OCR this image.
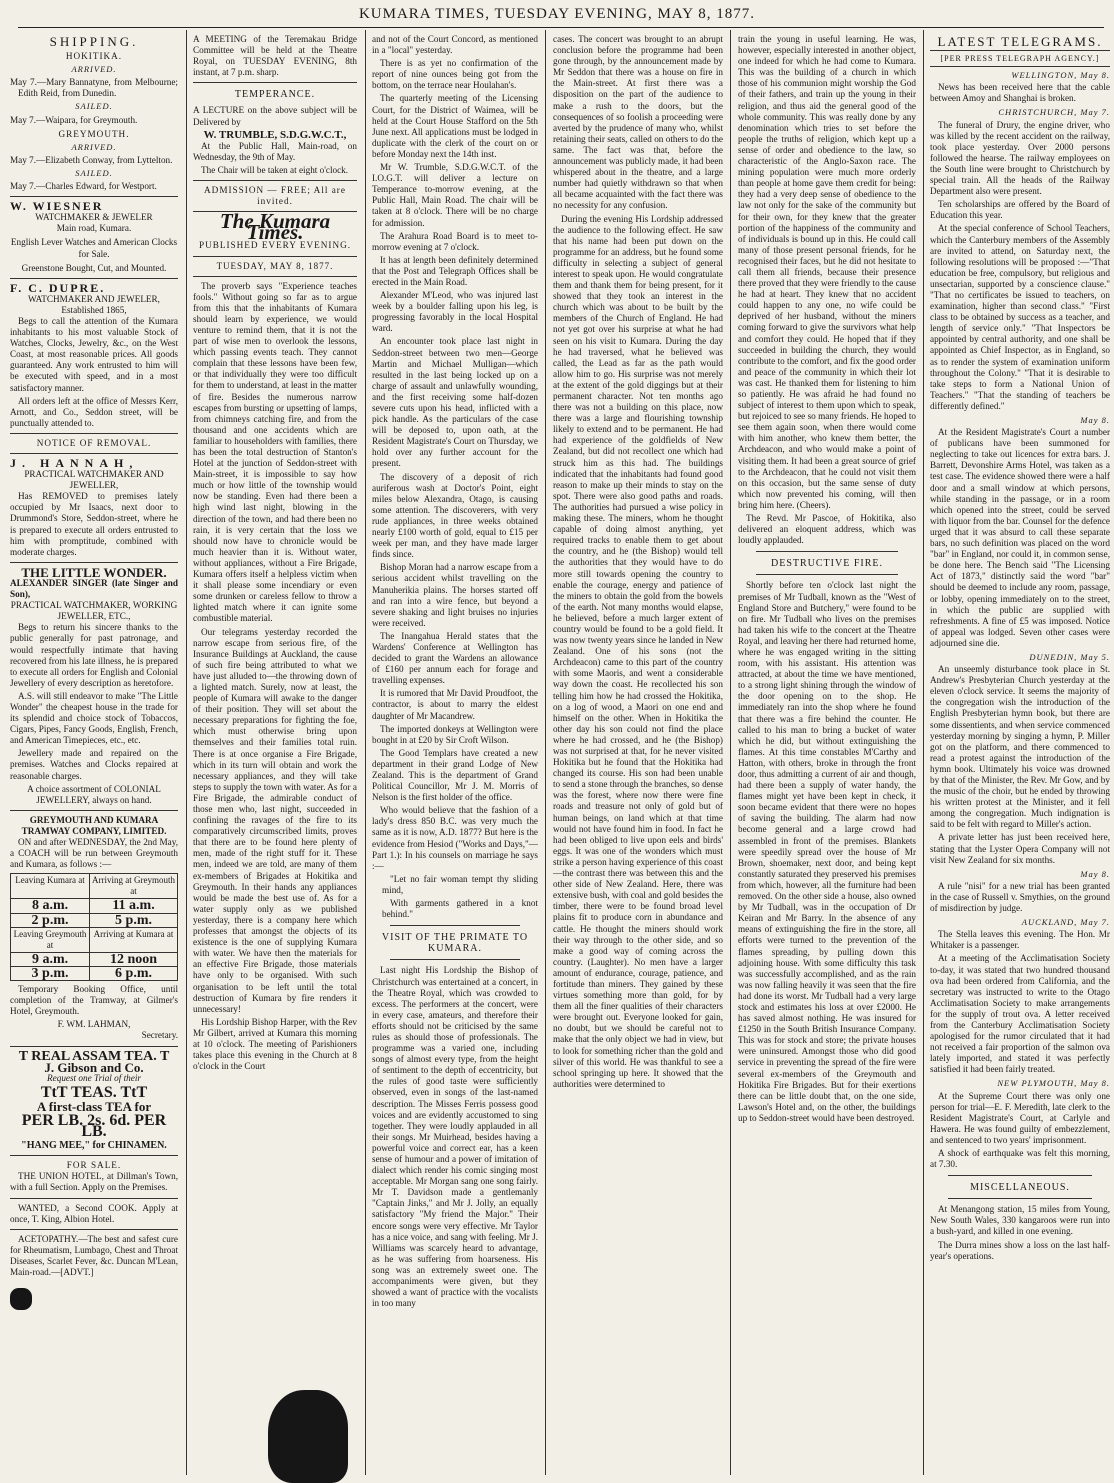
KUMARA TIMES, TUESDAY EVENING, MAY 8, 1877.
SHIPPING.
HOKITIKA.
ARRIVED.

May 7.—Mary Bannatyne, from Melbourne; Edith Reid, from Dunedin.

SAILED.

May 7.—Waipara, for Greymouth.

GREYMOUTH.
ARRIVED.

May 7.—Elizabeth Conway, from Lyttelton.

SAILED.

May 7.—Charles Edward, for Westport.

W. WIESNER
WATCHMAKER & JEWELER
Main road, Kumara.

English Lever Watches and American Clocks for Sale.

Greenstone Bought, Cut, and Mounted.

F. C. DUPRE.
WATCHMAKER AND JEWELER,
Established 1865,

Begs to call the attention of the Kumara inhabitants to his most valuable Stock of Watches, Clocks, Jewelry, &c., on the West Coast, at most reasonable prices. All goods guaranteed. Any work entrusted to him will be executed with speed, and in a most satisfactory manner.

All orders left at the office of Messrs Kerr, Arnott, and Co., Seddon street, will be punctually attended to.

NOTICE OF REMOVAL.
J. HANNAH,
PRACTICAL WATCHMAKER AND JEWELLER,

Has REMOVED to premises lately occupied by Mr Isaacs, next door to Drummond's Store, Seddon-street, where he is prepared to execute all orders entrusted to him with promptitude, combined with moderate charges.

THE LITTLE WONDER.
ALEXANDER SINGER (late Singer and Son),
PRACTICAL WATCHMAKER, WORKING JEWELLER, ETC.,

Begs to return his sincere thanks to the public generally for past patronage, and would respectfully intimate that having recovered from his late illness, he is prepared to execute all orders for English and Colonial Jewellery of every description as heretofore.

A.S. will still endeavor to make "The Little Wonder" the cheapest house in the trade for its splendid and choice stock of Tobaccos, Cigars, Pipes, Fancy Goods, English, French, and American Timepieces, etc., etc.

Jewellery made and repaired on the premises. Watches and Clocks repaired at reasonable charges.

A choice assortment of COLONIAL JEWELLERY, always on hand.

GREYMOUTH AND KUMARA TRAMWAY COMPANY, LIMITED.

ON and after WEDNESDAY, the 2nd May, a COACH will be run between Greymouth and Kumara, as follows :—

Leaving Kumara at	Arriving at Greymouth at
8 a.m.	11 a.m.
2 p.m.	5 p.m.
Leaving Greymouth at	Arriving at Kumara at
9 a.m.	12 noon
3 p.m.	6 p.m.

Temporary Booking Office, until completion of the Tramway, at Gilmer's Hotel, Greymouth.

F. WM. LAHMAN,
Secretary.
T REAL ASSAM TEA. T
J. Gibson and Co.
Request one Trial of their
TtT TEAS. TtT
A first-class TEA for
PER LB. 2s. 6d. PER LB.
"HANG MEE," for CHINAMEN.
FOR SALE.

THE UNION HOTEL, at Dillman's Town, with a full Section. Apply on the Premises.

WANTED, a Second COOK. Apply at once, T. King, Albion Hotel.

ACETOPATHY.—The best and safest cure for Rheumatism, Lumbago, Chest and Throat Diseases, Scarlet Fever, &c. Duncan M'Lean, Main-road.—[ADVT.]

A MEETING of the Teremakau Bridge Committee will be held at the Theatre Royal, on TUESDAY EVENING, 8th instant, at 7 p.m. sharp.

TEMPERANCE.

A LECTURE on the above subject will be Delivered by

W. TRUMBLE, S.D.G.W.C.T.,

At the Public Hall, Main-road, on Wednesday, the 9th of May.

The Chair will be taken at eight o'clock.

ADMISSION — FREE; All are invited.
The Kumara Times.
PUBLISHED EVERY EVENING.
TUESDAY, MAY 8, 1877.

The proverb says "Experience teaches fools." Without going so far as to argue from this that the inhabitants of Kumara should learn by experience, we would venture to remind them, that it is not the part of wise men to overlook the lessons, which passing events teach. They cannot complain that these lessons have been few, or that individually they were too difficult for them to understand, at least in the matter of fire. Besides the numerous narrow escapes from bursting or upsetting of lamps, from chimneys catching fire, and from the thousand and one accidents which are familiar to householders with families, there has been the total destruction of Stanton's Hotel at the junction of Seddon-street with Main-street, it is impossible to say how much or how little of the township would now be standing. Even had there been a high wind last night, blowing in the direction of the town, and had there been no rain, it is very certain that the loss we should now have to chronicle would be much heavier than it is. Without water, without appliances, without a Fire Brigade, Kumara offers itself a helpless victim when it shall please some incendiary or even some drunken or careless fellow to throw a lighted match where it can ignite some combustible material.

Our telegrams yesterday recorded the narrow escape from serious fire, of the Insurance Buildings at Auckland, the cause of such fire being attributed to what we have just alluded to—the throwing down of a lighted match. Surely, now at least, the people of Kumara will awake to the danger of their position. They will set about the necessary preparations for fighting the foe, which must otherwise bring upon themselves and their families total ruin. There is at once organise a Fire Brigade, which in its turn will obtain and work the necessary appliances, and they will take steps to supply the town with water. As for a Fire Brigade, the admirable conduct of those men who, last night, succeeded in confining the ravages of the fire to its comparatively circumscribed limits, proves that there are to be found here plenty of men, made of the right stuff for it. These men, indeed we are told, are many of them ex-members of Brigades at Hokitika and Greymouth. In their hands any appliances would be made the best use of. As for a water supply only as we published yesterday, there is a company here which professes that amongst the objects of its existence is the one of supplying Kumara with water. We have then the materials for an effective Fire Brigade, those materials have only to be organised. With such organisation to be left until the total destruction of Kumara by fire renders it unnecessary!

His Lordship Bishop Harper, with the Rev Mr Gilbert, arrived at Kumara this morning at 10 o'clock. The meeting of Parishioners takes place this evening in the Church at 8 o'clock in the Court

and not of the Court Concord, as mentioned in a "local" yesterday.

There is as yet no confirmation of the report of nine ounces being got from the bottom, on the terrace near Houlahan's.

The quarterly meeting of the Licensing Court, for the District of Waimea, will be held at the Court House Stafford on the 5th June next. All applications must be lodged in duplicate with the clerk of the court on or before Monday next the 14th inst.

Mr W. Trumble, S.D.G.W.C.T. of the I.O.G.T. will deliver a lecture on Temperance to-morrow evening, at the Public Hall, Main Road. The chair will be taken at 8 o'clock. There will be no charge for admission.

The Arahura Road Board is to meet to-morrow evening at 7 o'clock.

It has at length been definitely determined that the Post and Telegraph Offices shall be erected in the Main Road.

Alexander M'Leod, who was injured last week by a boulder falling upon his leg, is progressing favorably in the local Hospital ward.

An encounter took place last night in Seddon-street between two men—George Martin and Michael Mulligan—which resulted in the last being locked up on a charge of assault and unlawfully wounding, and the first receiving some half-dozen severe cuts upon his head, inflicted with a pick handle. As the particulars of the case will be deposed to, upon oath, at the Resident Magistrate's Court on Thursday, we hold over any further account for the present.

The discovery of a deposit of rich auriferous wash at Doctor's Point, eight miles below Alexandra, Otago, is causing some attention. The discoverers, with very rude appliances, in three weeks obtained nearly £100 worth of gold, equal to £15 per week per man, and they have made larger finds since.

Bishop Moran had a narrow escape from a serious accident whilst travelling on the Manuherikia plains. The horses started off and ran into a wire fence, but beyond a severe shaking and light bruises no injuries were received.

The Inangahua Herald states that the Wardens' Conference at Wellington has decided to grant the Wardens an allowance of £160 per annum each for forage and travelling expenses.

It is rumored that Mr David Proudfoot, the contractor, is about to marry the eldest daughter of Mr Macandrew.

The imported donkeys at Wellington were bought in at £20 by Sir Croft Wilson.

The Good Templars have created a new department in their grand Lodge of New Zealand. This is the department of Grand Political Councillor, Mr J. M. Morris of Nelson is the first holder of the office.

Who would believe that the fashion of a lady's dress 850 B.C. was very much the same as it is now, A.D. 1877? But here is the evidence from Hesiod ("Works and Days,"—Part 1.): In his counsels on marriage he says :—

"Let no fair woman tempt thy sliding mind,

With garments gathered in a knot behind."

VISIT OF THE PRIMATE TO KUMARA.

Last night His Lordship the Bishop of Christchurch was entertained at a concert, in the Theatre Royal, which was crowded to excess. The performers at the concert, were in every case, amateurs, and therefore their efforts should not be criticised by the same rules as should those of professionals. The programme was a varied one, including songs of almost every type, from the height of sentiment to the depth of eccentricity, but the rules of good taste were sufficiently observed, even in songs of the last-named description. The Misses Ferris possess good voices and are evidently accustomed to sing together. They were loudly applauded in all their songs. Mr Muirhead, besides having a powerful voice and correct ear, has a keen sense of humour and a power of imitation of dialect which render his comic singing most acceptable. Mr Morgan sang one song fairly. Mr T. Davidson made a gentlemanly "Captain Jinks," and Mr J. Jolly, an equally satisfactory "My friend the Major." Their encore songs were very effective. Mr Taylor has a nice voice, and sang with feeling. Mr J. Williams was scarcely heard to advantage, as he was suffering from hoarseness. His song was an extremely sweet one. The accompaniments were given, but they showed a want of practice with the vocalists in too many

cases. The concert was brought to an abrupt conclusion before the programme had been gone through, by the announcement made by Mr Seddon that there was a house on fire in the Main-street. At first there was a disposition on the part of the audience to make a rush to the doors, but the consequences of so foolish a proceeding were averted by the prudence of many who, whilst retaining their seats, called on others to do the same. The fact was that, before the announcement was publicly made, it had been whispered about in the theatre, and a large number had quietly withdrawn so that when all became acquainted with the fact there was no necessity for any confusion.

During the evening His Lordship addressed the audience to the following effect. He saw that his name had been put down on the programme for an address, but he found some difficulty in selecting a subject of general interest to speak upon. He would congratulate them and thank them for being present, for it showed that they took an interest in the church which was about to be built by the members of the Church of England. He had not yet got over his surprise at what he had seen on his visit to Kumara. During the day he had traversed, what he believed was called, the Lead as far as the path would allow him to go. His surprise was not merely at the extent of the gold diggings but at their permanent character. Not ten months ago there was not a building on this place, now there was a large and flourishing township likely to extend and to be permanent. He had had experience of the goldfields of New Zealand, but did not recollect one which had struck him as this had. The buildings indicated that the inhabitants had found good reason to make up their minds to stay on the spot. There were also good paths and roads. The authorities had pursued a wise policy in making these. The miners, whom he thought capable of doing almost anything, yet required tracks to enable them to get about the country, and he (the Bishop) would tell the authorities that they would have to do more still towards opening the country to enable the courage, energy and patience of the miners to obtain the gold from the bowels of the earth. Not many months would elapse, he believed, before a much larger extent of country would be found to be a gold field. It was now twenty years since he landed in New Zealand. One of his sons (not the Archdeacon) came to this part of the country with some Maoris, and went a considerable way down the coast. He recollected his son telling him how he had crossed the Hokitika, on a log of wood, a Maori on one end and himself on the other. When in Hokitika the other day his son could not find the place where he had crossed, and he (the Bishop) was not surprised at that, for he never visited Hokitika but he found that the Hokitika had changed its course. His son had been unable to send a stone through the branches, so dense was the forest, where now there were fine roads and treasure not only of gold but of human beings, on land which at that time would not have found him in food. In fact he had been obliged to live upon eels and birds' eggs. It was one of the wonders which must strike a person having experience of this coast—the contrast there was between this and the other side of New Zealand. Here, there was extensive bush, with coal and gold besides the timber, there were to be found broad level plains fit to produce corn in abundance and cattle. He thought the miners should work their way through to the other side, and so make a good way of coming across the country. (Laughter). No men have a larger amount of endurance, courage, patience, and fortitude than miners. They gained by these virtues something more than gold, for by them all the finer qualities of their characters were brought out. Everyone looked for gain, no doubt, but we should be careful not to make that the only object we had in view, but to look for something richer than the gold and silver of this world. He was thankful to see a school springing up here. It showed that the authorities were determined to

train the young in useful learning. He was, however, especially interested in another object, one indeed for which he had come to Kumara. This was the building of a church in which those of his communion might worship the God of their fathers, and train up the young in their religion, and thus aid the general good of the whole community. This was really done by any denomination which tries to set before the people the truths of religion, which kept up a sense of order and obedience to the law, so characteristic of the Anglo-Saxon race. The mining population were much more orderly than people at home gave them credit for being: they had a very deep sense of obedience to the law not only for the sake of the community but for their own, for they knew that the greater portion of the happiness of the community and of individuals is bound up in this. He could call many of those present personal friends, for he recognised their faces, but he did not hesitate to call them all friends, because their presence there proved that they were friendly to the cause he had at heart. They knew that no accident could happen to any one, no wife could be deprived of her husband, without the miners coming forward to give the survivors what help and comfort they could. He hoped that if they succeeded in building the church, they would contribute to the comfort, and fix the good order and peace of the community in which their lot was cast. He thanked them for listening to him so patiently. He was afraid he had found no subject of interest to them upon which to speak, but rejoiced to see so many friends. He hoped to see them again soon, when there would come with him another, who knew them better, the Archdeacon, and who would make a point of visiting them. It had been a great source of grief to the Archdeacon, that he could not visit them on this occasion, but the same sense of duty which now prevented his coming, will then bring him here. (Cheers).

The Revd. Mr Pascoe, of Hokitika, also delivered an eloquent address, which was loudly applauded.

DESTRUCTIVE FIRE.

Shortly before ten o'clock last night the premises of Mr Tudball, known as the "West of England Store and Butchery," were found to be on fire. Mr Tudball who lives on the premises had taken his wife to the concert at the Theatre Royal, and leaving her there had returned home, where he was engaged writing in the sitting room, with his assistant. His attention was attracted, at about the time we have mentioned, to a strong light shining through the window of the door opening on to the shop. He immediately ran into the shop where he found that there was a fire behind the counter. He called to his man to bring a bucket of water which he did, but without extinguishing the flames. At this time constables M'Carthy and Hatton, with others, broke in through the front door, thus admitting a current of air and though, had there been a supply of water handy, the flames might yet have been kept in check, it soon became evident that there were no hopes of saving the building. The alarm had now become general and a large crowd had assembled in front of the premises. Blankets were speedily spread over the house of Mr Brown, shoemaker, next door, and being kept constantly saturated they preserved his premises from which, however, all the furniture had been removed. On the other side a house, also owned by Mr Tudball, was in the occupation of Dr Keiran and Mr Barry. In the absence of any means of extinguishing the fire in the store, all efforts were turned to the prevention of the flames spreading, by pulling down this adjoining house. With some difficulty this task was successfully accomplished, and as the rain was now falling heavily it was seen that the fire had done its worst. Mr Tudball had a very large stock and estimates his loss at over £2000. He has saved almost nothing. He was insured for £1250 in the South British Insurance Company. This was for stock and store; the private houses were uninsured. Amongst those who did good service in preventing the spread of the fire were several ex-members of the Greymouth and Hokitika Fire Brigades. But for their exertions there can be little doubt that, on the one side, Lawson's Hotel and, on the other, the buildings up to Seddon-street would have been destroyed.

LATEST TELEGRAMS.
[PER PRESS TELEGRAPH AGENCY.]
WELLINGTON, May 8.

News has been received here that the cable between Amoy and Shanghai is broken.

CHRISTCHURCH, May 7.

The funeral of Drury, the engine driver, who was killed by the recent accident on the railway, took place yesterday. Over 2000 persons followed the hearse. The railway employees on the South line were brought to Christchurch by special train. All the heads of the Railway Department also were present.

Ten scholarships are offered by the Board of Education this year.

At the special conference of School Teachers, which the Canterbury members of the Assembly are invited to attend, on Saturday next, the following resolutions will be proposed :—"That education be free, compulsory, but religious and unsectarian, supported by a conscience clause." "That no certificates be issued to teachers, on examination, higher than second class." "First class to be obtained by success as a teacher, and length of service only." "That Inspectors be appointed by central authority, and one shall be appointed as Chief Inspector, as in England, so as to render the system of examination uniform throughout the Colony." "That it is desirable to take steps to form a National Union of Teachers." "That the standing of teachers be differently defined."

May 8.

At the Resident Magistrate's Court a number of publicans have been summoned for neglecting to take out licences for extra bars. J. Barrett, Devonshire Arms Hotel, was taken as a test case. The evidence showed there were a half door and a small window at which persons, while standing in the passage, or in a room which opened into the street, could be served with liquor from the bar. Counsel for the defence urged that it was absurd to call these separate bars, no such definition was placed on the word "bar" in England, nor could it, in common sense, be done here. The Bench said "The Licensing Act of 1873," distinctly said the word "bar" should be deemed to include any room, passage, or lobby, opening immediately on to the street, in which the public are supplied with refreshments. A fine of £5 was imposed. Notice of appeal was lodged. Seven other cases were adjourned sine die.

DUNEDIN, May 5.

An unseemly disturbance took place in St. Andrew's Presbyterian Church yesterday at the eleven o'clock service. It seems the majority of the congregation wish the introduction of the English Presbyterian hymn book, but there are some dissentients, and when service commenced yesterday morning by singing a hymn, P. Miller got on the platform, and there commenced to read a protest against the introduction of the hymn book. Ultimately his voice was drowned by that of the Minister, the Rev. Mr Gow, and by the music of the choir, but he ended by throwing his written protest at the Minister, and it fell among the congregation. Much indignation is said to be felt with regard to Miller's action.

A private letter has just been received here, stating that the Lyster Opera Company will not visit New Zealand for six months.

May 8.

A rule "nisi" for a new trial has been granted in the case of Russell v. Smythies, on the ground of misdirection by judge.

AUCKLAND, May 7.

The Stella leaves this evening. The Hon. Mr Whitaker is a passenger.

At a meeting of the Acclimatisation Society to-day, it was stated that two hundred thousand ova had been ordered from California, and the secretary was instructed to write to the Otago Acclimatisation Society to make arrangements for the supply of trout ova. A letter received from the Canterbury Acclimatisation Society apologised for the rumor circulated that it had not received a fair proportion of the salmon ova lately imported, and stated it was perfectly satisfied it had been fairly treated.

NEW PLYMOUTH, May 8.

At the Supreme Court there was only one person for trial—E. F. Meredith, late clerk to the Resident Magistrate's Court, at Carlyle and Hawera. He was found guilty of embezzlement, and sentenced to two years' imprisonment.

A shock of earthquake was felt this morning, at 7.30.

MISCELLANEOUS.

At Menangong station, 15 miles from Young, New South Wales, 330 kangaroos were run into a bush-yard, and killed in one evening.

The Durra mines show a loss on the last half-year's operations.
